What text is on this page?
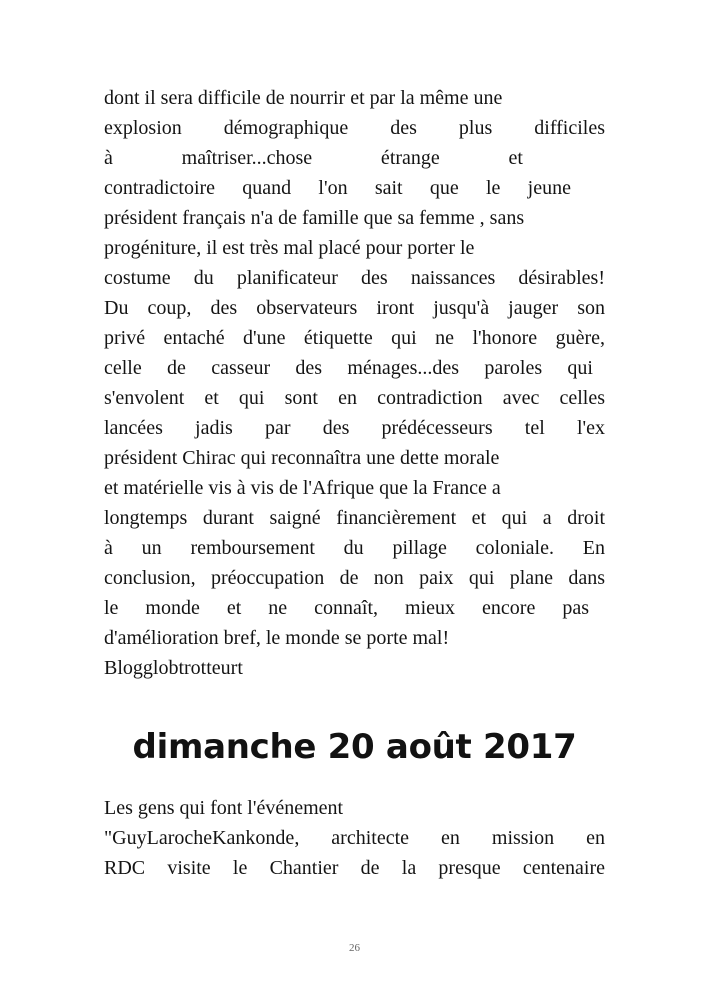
dont il sera difficile de nourrir et par la même une
explosion démographique des plus difficiles
à maîtriser...chose étrange et
contradictoire quand l'on sait que le jeune
président français n'a de famille que sa femme , sans
progéniture, il est très mal placé pour porter le
costume du planificateur des naissances désirables!
Du coup, des observateurs iront jusqu'à jauger son
privé entaché d'une étiquette qui ne l'honore guère,
celle de casseur des ménages...des paroles qui
s'envolent et qui sont en contradiction avec celles
lancées jadis par des prédécesseurs tel l'ex
président Chirac qui reconnaîtra une dette morale
et matérielle vis à vis de l'Afrique que la France a
longtemps durant saigné financièrement et qui a droit
à un remboursement du pillage coloniale. En
conclusion, préoccupation de non paix qui plane dans
le monde et ne connaît, mieux encore pas
d'amélioration bref, le monde se porte mal!
Blogglobtrotteurt
dimanche 20 août 2017
Les gens qui font l'événement
"GuyLarocheKankonde, architecte en mission en
RDC visite le Chantier de la presque centenaire
26
